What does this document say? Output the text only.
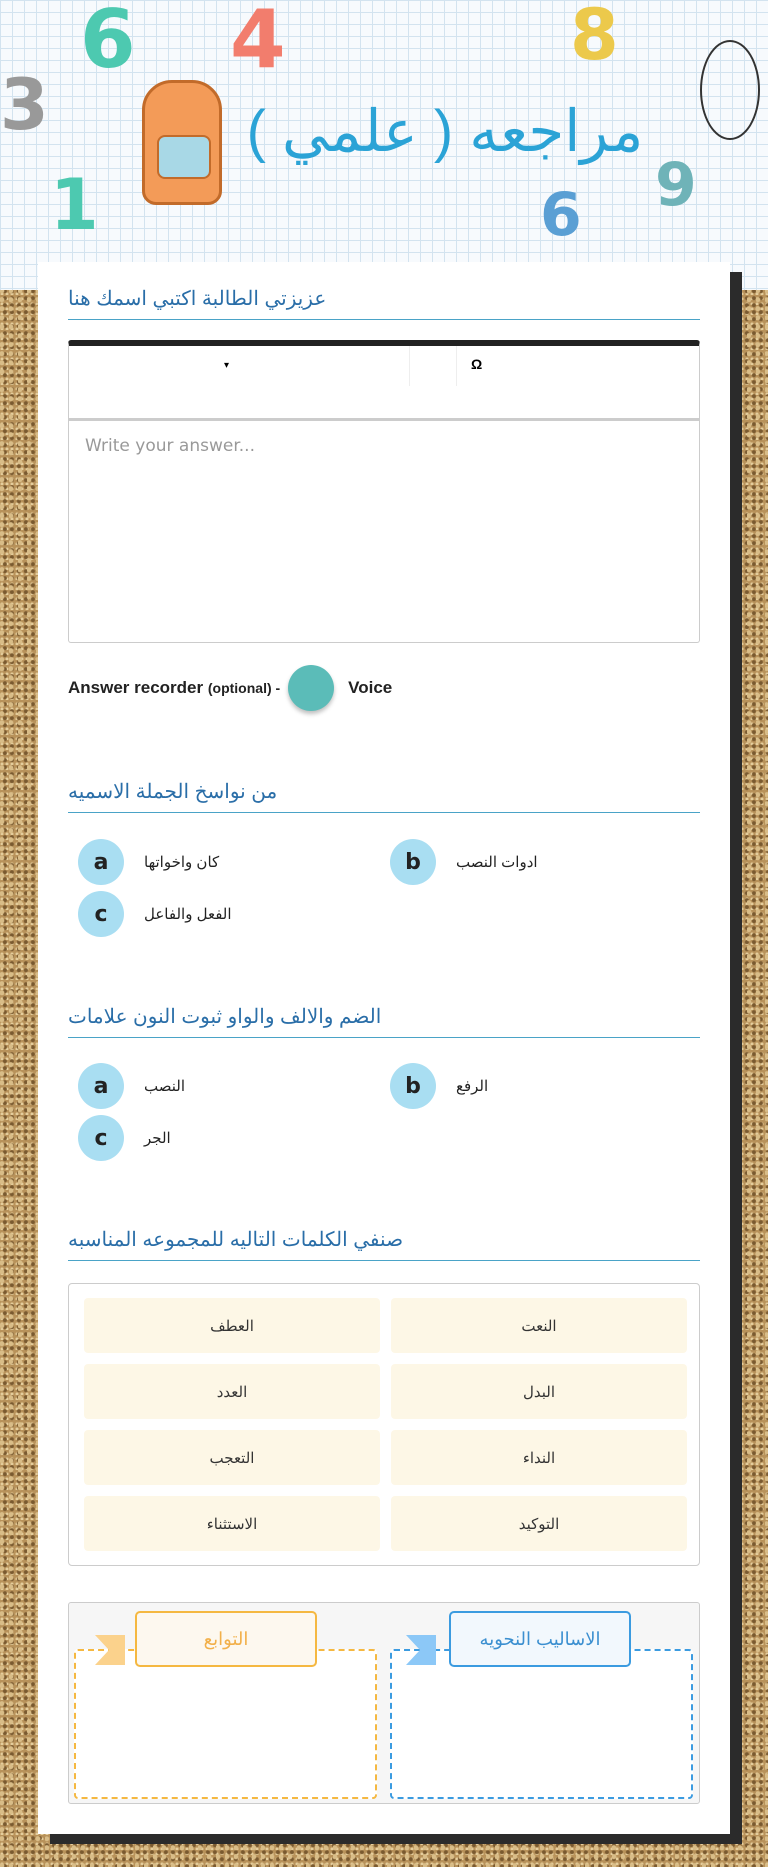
6 4	8
9
3
1	6
مراجعه ( علمي )
عزيزتي الطالبة اكتبي اسمك هنا
▾	Ω
Write your answer...
Answer recorder
(optional) -	Voice
من نواسخ الجملة الاسميه
a	كان واخواتها	b	ادوات النصب
c	الفعل والفاعل
الضم والالف والواو ثبوت النون علامات
a	النصب	b	الرفع
c	الجر
صنفي الكلمات التاليه للمجموعه المناسبه
النعت
العطف
البدل
العدد
النداء
التعجب
التوكيد
الاستثناء
الاساليب النحويه
التوابع
